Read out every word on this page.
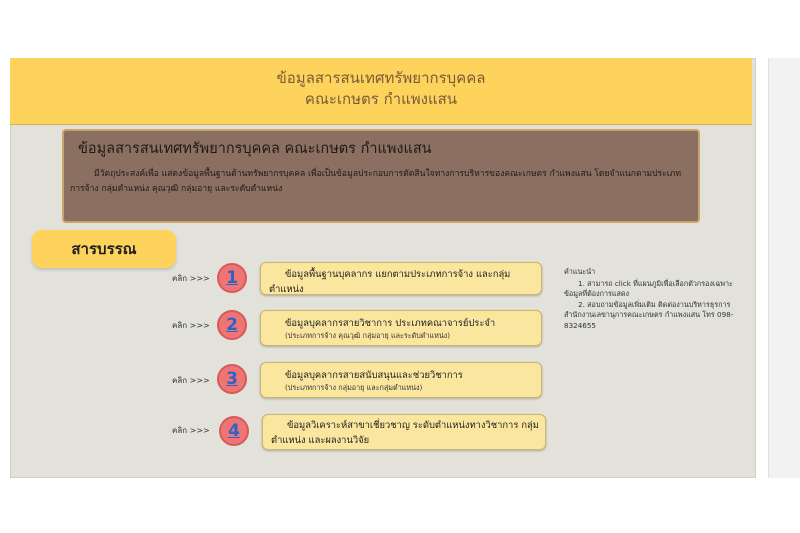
ข้อมูลสารสนเทศทรัพยากรบุคคล
คณะเกษตร กำแพงแสน
ข้อมูลสารสนเทศทรัพยากรบุคคล คณะเกษตร กำแพงแสน
มีวัตถุประสงค์เพื่อ แสดงข้อมูลพื้นฐานด้านทรัพยากรบุคคล เพื่อเป็นข้อมูลประกอบการตัดสินใจทางการบริหารของคณะเกษตร กำแพงแสน โดยจำแนกตามประเภทการจ้าง กลุ่มตำแหน่ง คุณวุฒิ กลุ่มอายุ และระดับตำแหน่ง
สารบรรณ
คลิก >>> 1	ข้อมูลพื้นฐานบุคลากร แยกตามประเภทการจ้าง และกลุ่มตำแหน่ง
คลิก >>> 2	ข้อมูลบุคลากรสายวิชาการ ประเภทคณาจารย์ประจำ
(ประเภทการจ้าง คุณวุฒิ กลุ่มอายุ และระดับตำแหน่ง)
คลิก >>> 3	ข้อมูลบุคลากรสายสนับสนุนและช่วยวิชาการ
(ประเภทการจ้าง กลุ่มอายุ และกลุ่มตำแหน่ง)
คลิก >>> 4	ข้อมูลวิเคราะห์สาขาเชี่ยวชาญ ระดับตำแหน่งทางวิชาการ กลุ่มตำแหน่ง และผลงานวิจัย
คำแนะนำ
1. สามารถ click ที่แผนภูมิเพื่อเลือกตัวกรองเฉพาะข้อมูลที่ต้องการแสดง
2. สอบถามข้อมูลเพิ่มเติม ติดต่องานบริหารธุรการ สำนักงานเลขานุการคณะเกษตร กำแพงแสน โทร 098-8324655
